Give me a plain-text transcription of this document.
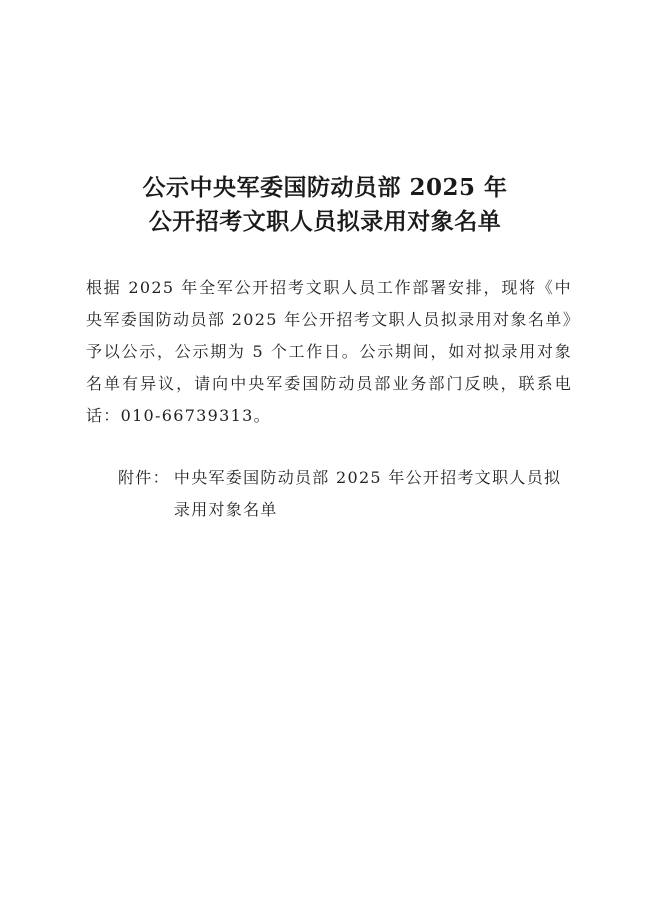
公示中央军委国防动员部 2025 年
公开招考文职人员拟录用对象名单

根据 2025 年全军公开招考文职人员工作部署安排，现将《中央军委国防动员部 2025 年公开招考文职人员拟录用对象名单》予以公示，公示期为 5 个工作日。公示期间，如对拟录用对象名单有异议，请向中央军委国防动员部业务部门反映，联系电话：010-66739313。

附件： 中央军委国防动员部 2025 年公开招考文职人员拟录用对象名单
